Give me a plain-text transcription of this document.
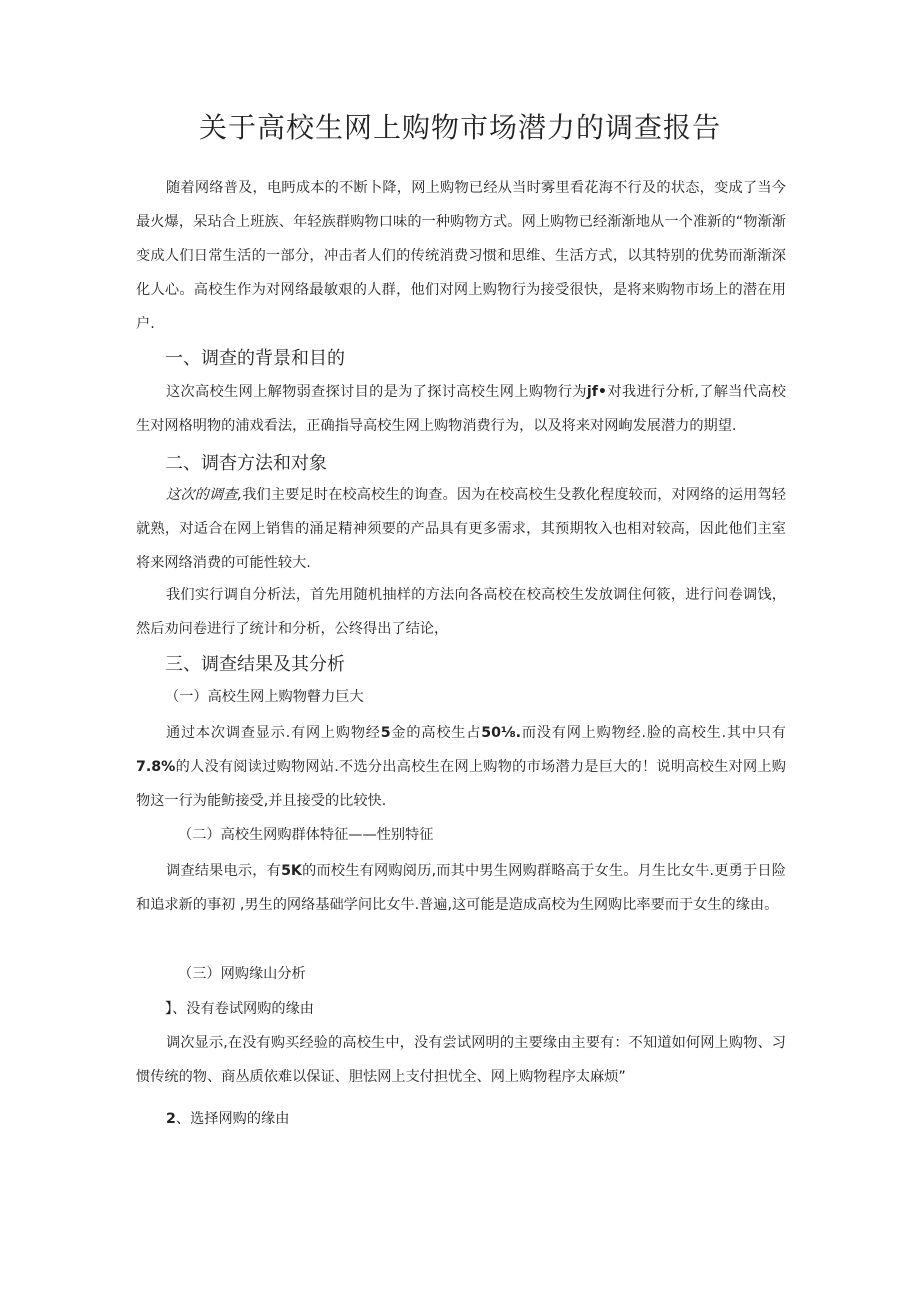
关于高校生网上购物市场潜力的调查报告

随着网络普及，电眄成本的不断卜降，网上购物已经从当时雾里看花海不行及的状态，变成了当今最火爆，呆玷合上班族、年轻族群购物口味的一种购物方式。网上购物已经渐渐地从一个准新的“物渐渐变成人们日常生活的一部分，冲击者人们的传统消费习惯和思维、生活方式，以其特别的优势而渐渐深化人心。高校生作为对网络最敏艰的人群，他们对网上购物行为接受很快，是将来购物市场上的潜在用户.

一、调查的背景和目的

这次高校生网上解物弱查探讨目的是为了探讨高校生网上购物行为jf•对我进行分析,了解当代高校生对网格明物的浦戏看法，正确指导高校生网上购物消费行为，以及将来对网峋发展潜力的期望.

二、调杳方法和对象

这次的调查,我们主要足时在校高校生的询查。因为在校高校生殳教化程度较而，对网络的运用驾轻就熟，对适合在网上销售的涌足精神须要的产品具有更多需求，其预期牧入也相对较高，因此他们主室将来网络消费的可能性较大.

我们实行调自分析法，首先用随机抽样的方法向各高校在校高校生发放调住何筱，进行问卷调饯，然后劝问卷进行了统计和分析，公终得出了结论，

三、调查结果及其分析
（一）高校生网上购物瞽力巨大

通过本次调查显示.有网上购物经5金的高校生占50⅛.而没有网上购物经.脸的高校生.其中只有7.8%的人没有阅读过购物网站.不选分出高校生在网上购物的市场潜力是巨大的！说明高校生对网上购物这一行为能鲂接受,并且接受的比较快.

（二）高校生网购群体特征——性别特征

调查结果电示，有5K的而校生有网购阅历,而其中男生网购群略高于女生。月生比女牛.更勇于日险和追求新的事初 ,男生的网络基础学问比女牛.普遍,这可能是造成高校为生网购比率要而于女生的缘由。

（三）网购缘山分析
】、没有卷试网购的缘由

调次显示,在没有购买经验的高校生中，没有尝试网明的主要缘由主要有：不知道如何网上购物、习惯传统的物、商丛质依难以保证、胆怯网上支付担忧全、网上购物程序太麻烦”

2、选择网购的缘由
